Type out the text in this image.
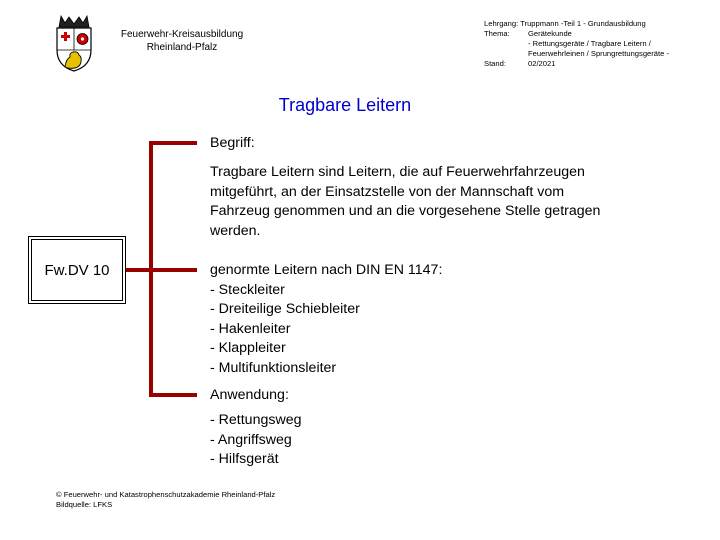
Feuerwehr-Kreisausbildung
Rheinland-Pfalz
Lehrgang: Truppmann -Teil 1 - Grundausbildung
Thema:	Gerätekunde
- Rettungsgeräte / Tragbare Leitern /
Feuerwehrleinen / Sprungrettungsgeräte -
Stand:	02/2021
Tragbare Leitern
Fw.DV 10
Begriff:
Tragbare Leitern sind Leitern, die auf Feuerwehrfahrzeugen
mitgeführt, an der Einsatzstelle von der Mannschaft vom
Fahrzeug genommen und an die vorgesehene Stelle getragen
werden.
genormte Leitern nach DIN EN 1147:
- Steckleiter
- Dreiteilige Schiebleiter
- Hakenleiter
- Klappleiter
- Multifunktionsleiter
Anwendung:
- Rettungsweg
- Angriffsweg
- Hilfsgerät
© Feuerwehr- und Katastrophenschutzakademie Rheinland-Pfalz
Bildquelle: LFKS
